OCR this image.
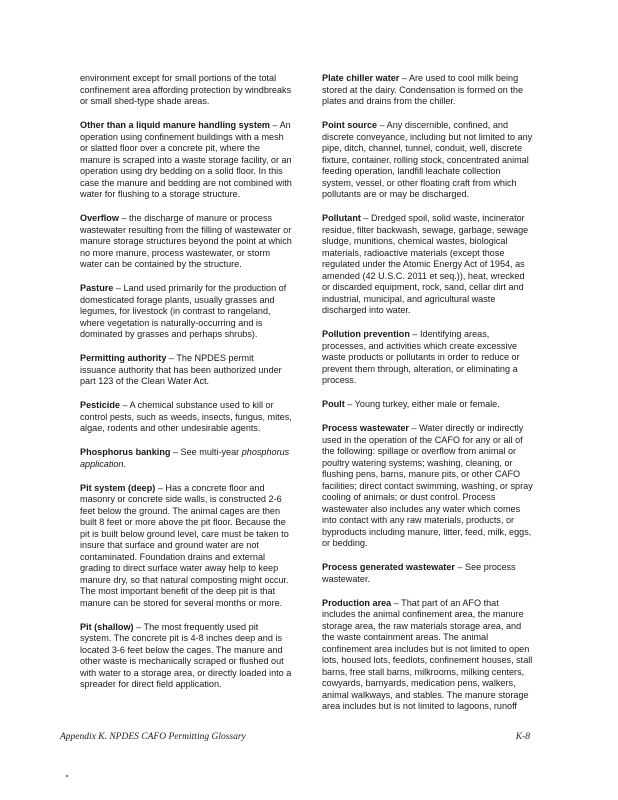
environment except for small portions of the total confinement area affording protection by windbreaks or small shed-type shade areas.

Other than a liquid manure handling system – An operation using confinement buildings with a mesh or slatted floor over a concrete pit, where the manure is scraped into a waste storage facility, or an operation using dry bedding on a solid floor. In this case the manure and bedding are not combined with water for flushing to a storage structure.

Overflow – the discharge of manure or process wastewater resulting from the filling of wastewater or manure storage structures beyond the point at which no more manure, process wastewater, or storm water can be contained by the structure.

Pasture – Land used primarily for the production of domesticated forage plants, usually grasses and legumes, for livestock (in contrast to rangeland, where vegetation is naturally-occurring and is dominated by grasses and perhaps shrubs).

Permitting authority – The NPDES permit issuance authority that has been authorized under part 123 of the Clean Water Act.

Pesticide – A chemical substance used to kill or control pests, such as weeds, insects, fungus, mites, algae, rodents and other undesirable agents.

Phosphorus banking – See multi-year phosphorus application.

Pit system (deep) – Has a concrete floor and masonry or concrete side walls, is constructed 2-6 feet below the ground. The animal cages are then built 8 feet or more above the pit floor. Because the pit is built below ground level, care must be taken to insure that surface and ground water are not contaminated. Foundation drains and external grading to direct surface water away help to keep manure dry, so that natural composting might occur. The most important benefit of the deep pit is that manure can be stored for several months or more.

Pit (shallow) – The most frequently used pit system. The concrete pit is 4-8 inches deep and is located 3-6 feet below the cages. The manure and other waste is mechanically scraped or flushed out with water to a storage area, or directly loaded into a spreader for direct field application.

Plate chiller water – Are used to cool milk being stored at the dairy. Condensation is formed on the plates and drains from the chiller.

Point source – Any discernible, confined, and discrete conveyance, including but not limited to any pipe, ditch, channel, tunnel, conduit, well, discrete fixture, container, rolling stock, concentrated animal feeding operation, landfill leachate collection system, vessel, or other floating craft from which pollutants are or may be discharged.

Pollutant – Dredged spoil, solid waste, incinerator residue, filter backwash, sewage, garbage, sewage sludge, munitions, chemical wastes, biological materials, radioactive materials (except those regulated under the Atomic Energy Act of 1954, as amended (42 U.S.C. 2011 et seq.)), heat, wrecked or discarded equipment, rock, sand, cellar dirt and industrial, municipal, and agricultural waste discharged into water.

Pollution prevention – Identifying areas, processes, and activities which create excessive waste products or pollutants in order to reduce or prevent them through, alteration, or eliminating a process.

Poult – Young turkey, either male or female.

Process wastewater – Water directly or indirectly used in the operation of the CAFO for any or all of the following: spillage or overflow from animal or poultry watering systems; washing, cleaning, or flushing pens, barns, manure pits, or other CAFO facilities; direct contact swimming, washing, or spray cooling of animals; or dust control. Process wastewater also includes any water which comes into contact with any raw materials, products, or byproducts including manure, litter, feed, milk, eggs, or bedding.

Process generated wastewater – See process wastewater.

Production area – That part of an AFO that includes the animal confinement area, the manure storage area, the raw materials storage area, and the waste containment areas. The animal confinement area includes but is not limited to open lots, housed lots, feedlots, confinement houses, stall barns, free stall barns, milkrooms, milking centers, cowyards, barnyards, medication pens, walkers, animal walkways, and stables. The manure storage area includes but is not limited to lagoons, runoff

Appendix K. NPDES CAFO Permitting Glossary	K-8
